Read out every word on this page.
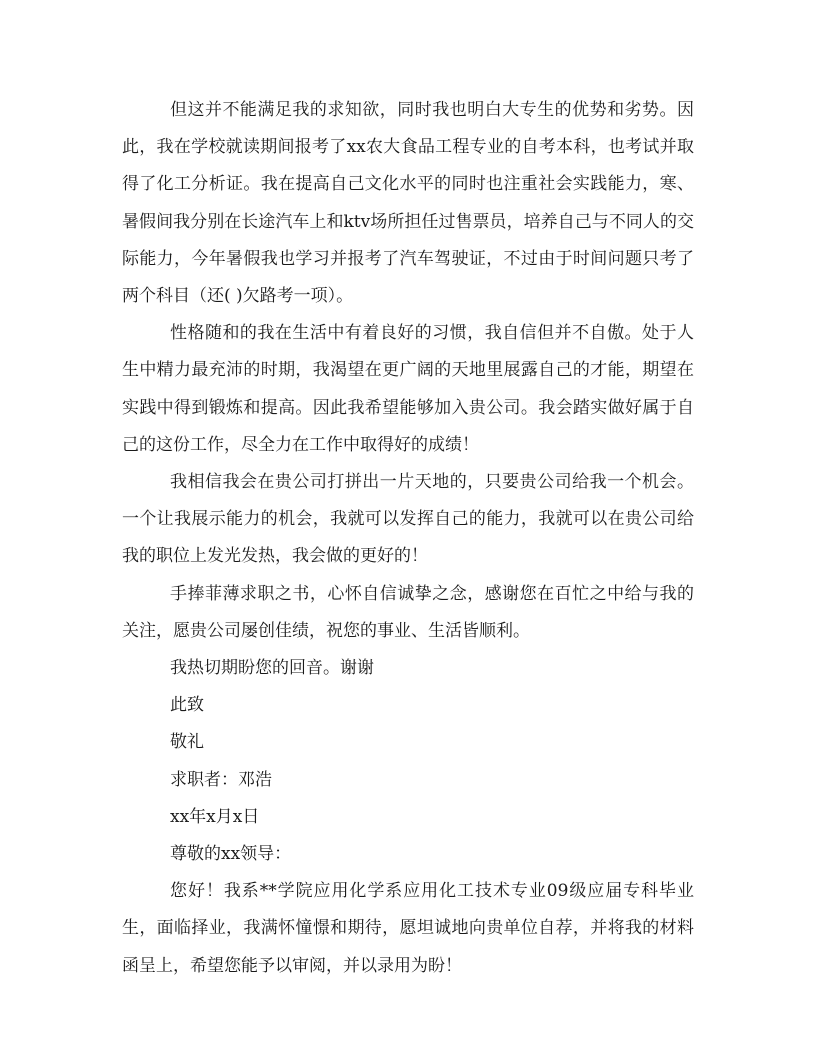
但这并不能满足我的求知欲，同时我也明白大专生的优势和劣势。因此，我在学校就读期间报考了xx农大食品工程专业的自考本科，也考试并取得了化工分析证。我在提高自己文化水平的同时也注重社会实践能力，寒、暑假间我分别在长途汽车上和ktv场所担任过售票员，培养自己与不同人的交际能力，今年暑假我也学习并报考了汽车驾驶证，不过由于时间问题只考了两个科目（还( )欠路考一项）。

性格随和的我在生活中有着良好的习惯，我自信但并不自傲。处于人生中精力最充沛的时期，我渴望在更广阔的天地里展露自己的才能，期望在实践中得到锻炼和提高。因此我希望能够加入贵公司。我会踏实做好属于自己的这份工作，尽全力在工作中取得好的成绩！

我相信我会在贵公司打拼出一片天地的，只要贵公司给我一个机会。一个让我展示能力的机会，我就可以发挥自己的能力，我就可以在贵公司给我的职位上发光发热，我会做的更好的！

手捧菲薄求职之书，心怀自信诚挚之念，感谢您在百忙之中给与我的关注，愿贵公司屡创佳绩，祝您的事业、生活皆顺利。

我热切期盼您的回音。谢谢

此致

敬礼

求职者：邓浩

xx年x月x日

尊敬的xx领导：

您好！我系**学院应用化学系应用化工技术专业09级应届专科毕业生，面临择业，我满怀憧憬和期待，愿坦诚地向贵单位自荐，并将我的材料函呈上，希望您能予以审阅，并以录用为盼！
